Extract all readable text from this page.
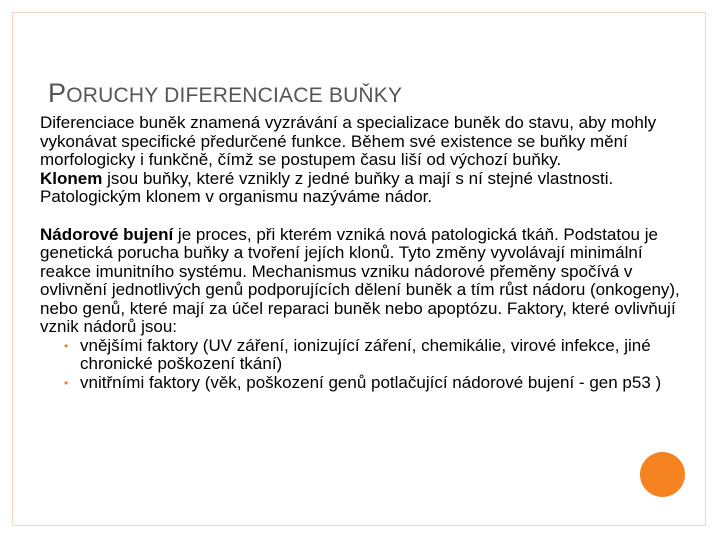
PORUCHY DIFERENCIACE BUŇKY

Diferenciace buněk znamená vyzrávání a specializace buněk do stavu, aby mohly vykonávat specifické předurčené funkce. Během své existence se buňky mění morfologicky i funkčně, čímž se postupem času liší od výchozí buňky.

Klonem jsou buňky, které vznikly z jedné buňky a mají s ní stejné vlastnosti. Patologickým klonem v organismu nazýváme nádor.

Nádorové bujení je proces, při kterém vzniká nová patologická tkáň. Podstatou je genetická porucha buňky a tvoření jejích klonů. Tyto změny vyvolávají minimální reakce imunitního systému. Mechanismus vzniku nádorové přeměny spočívá v ovlivnění jednotlivých genů podporujících dělení buněk a tím růst nádoru (onkogeny), nebo genů, které mají za účel reparaci buněk nebo apoptózu. Faktory, které ovlivňují vznik nádorů jsou:

• vnějšími faktory (UV záření, ionizující záření, chemikálie, virové infekce, jiné chronické poškození tkání)
• vnitřními faktory (věk, poškození genů potlačující nádorové bujení - gen p53 )
